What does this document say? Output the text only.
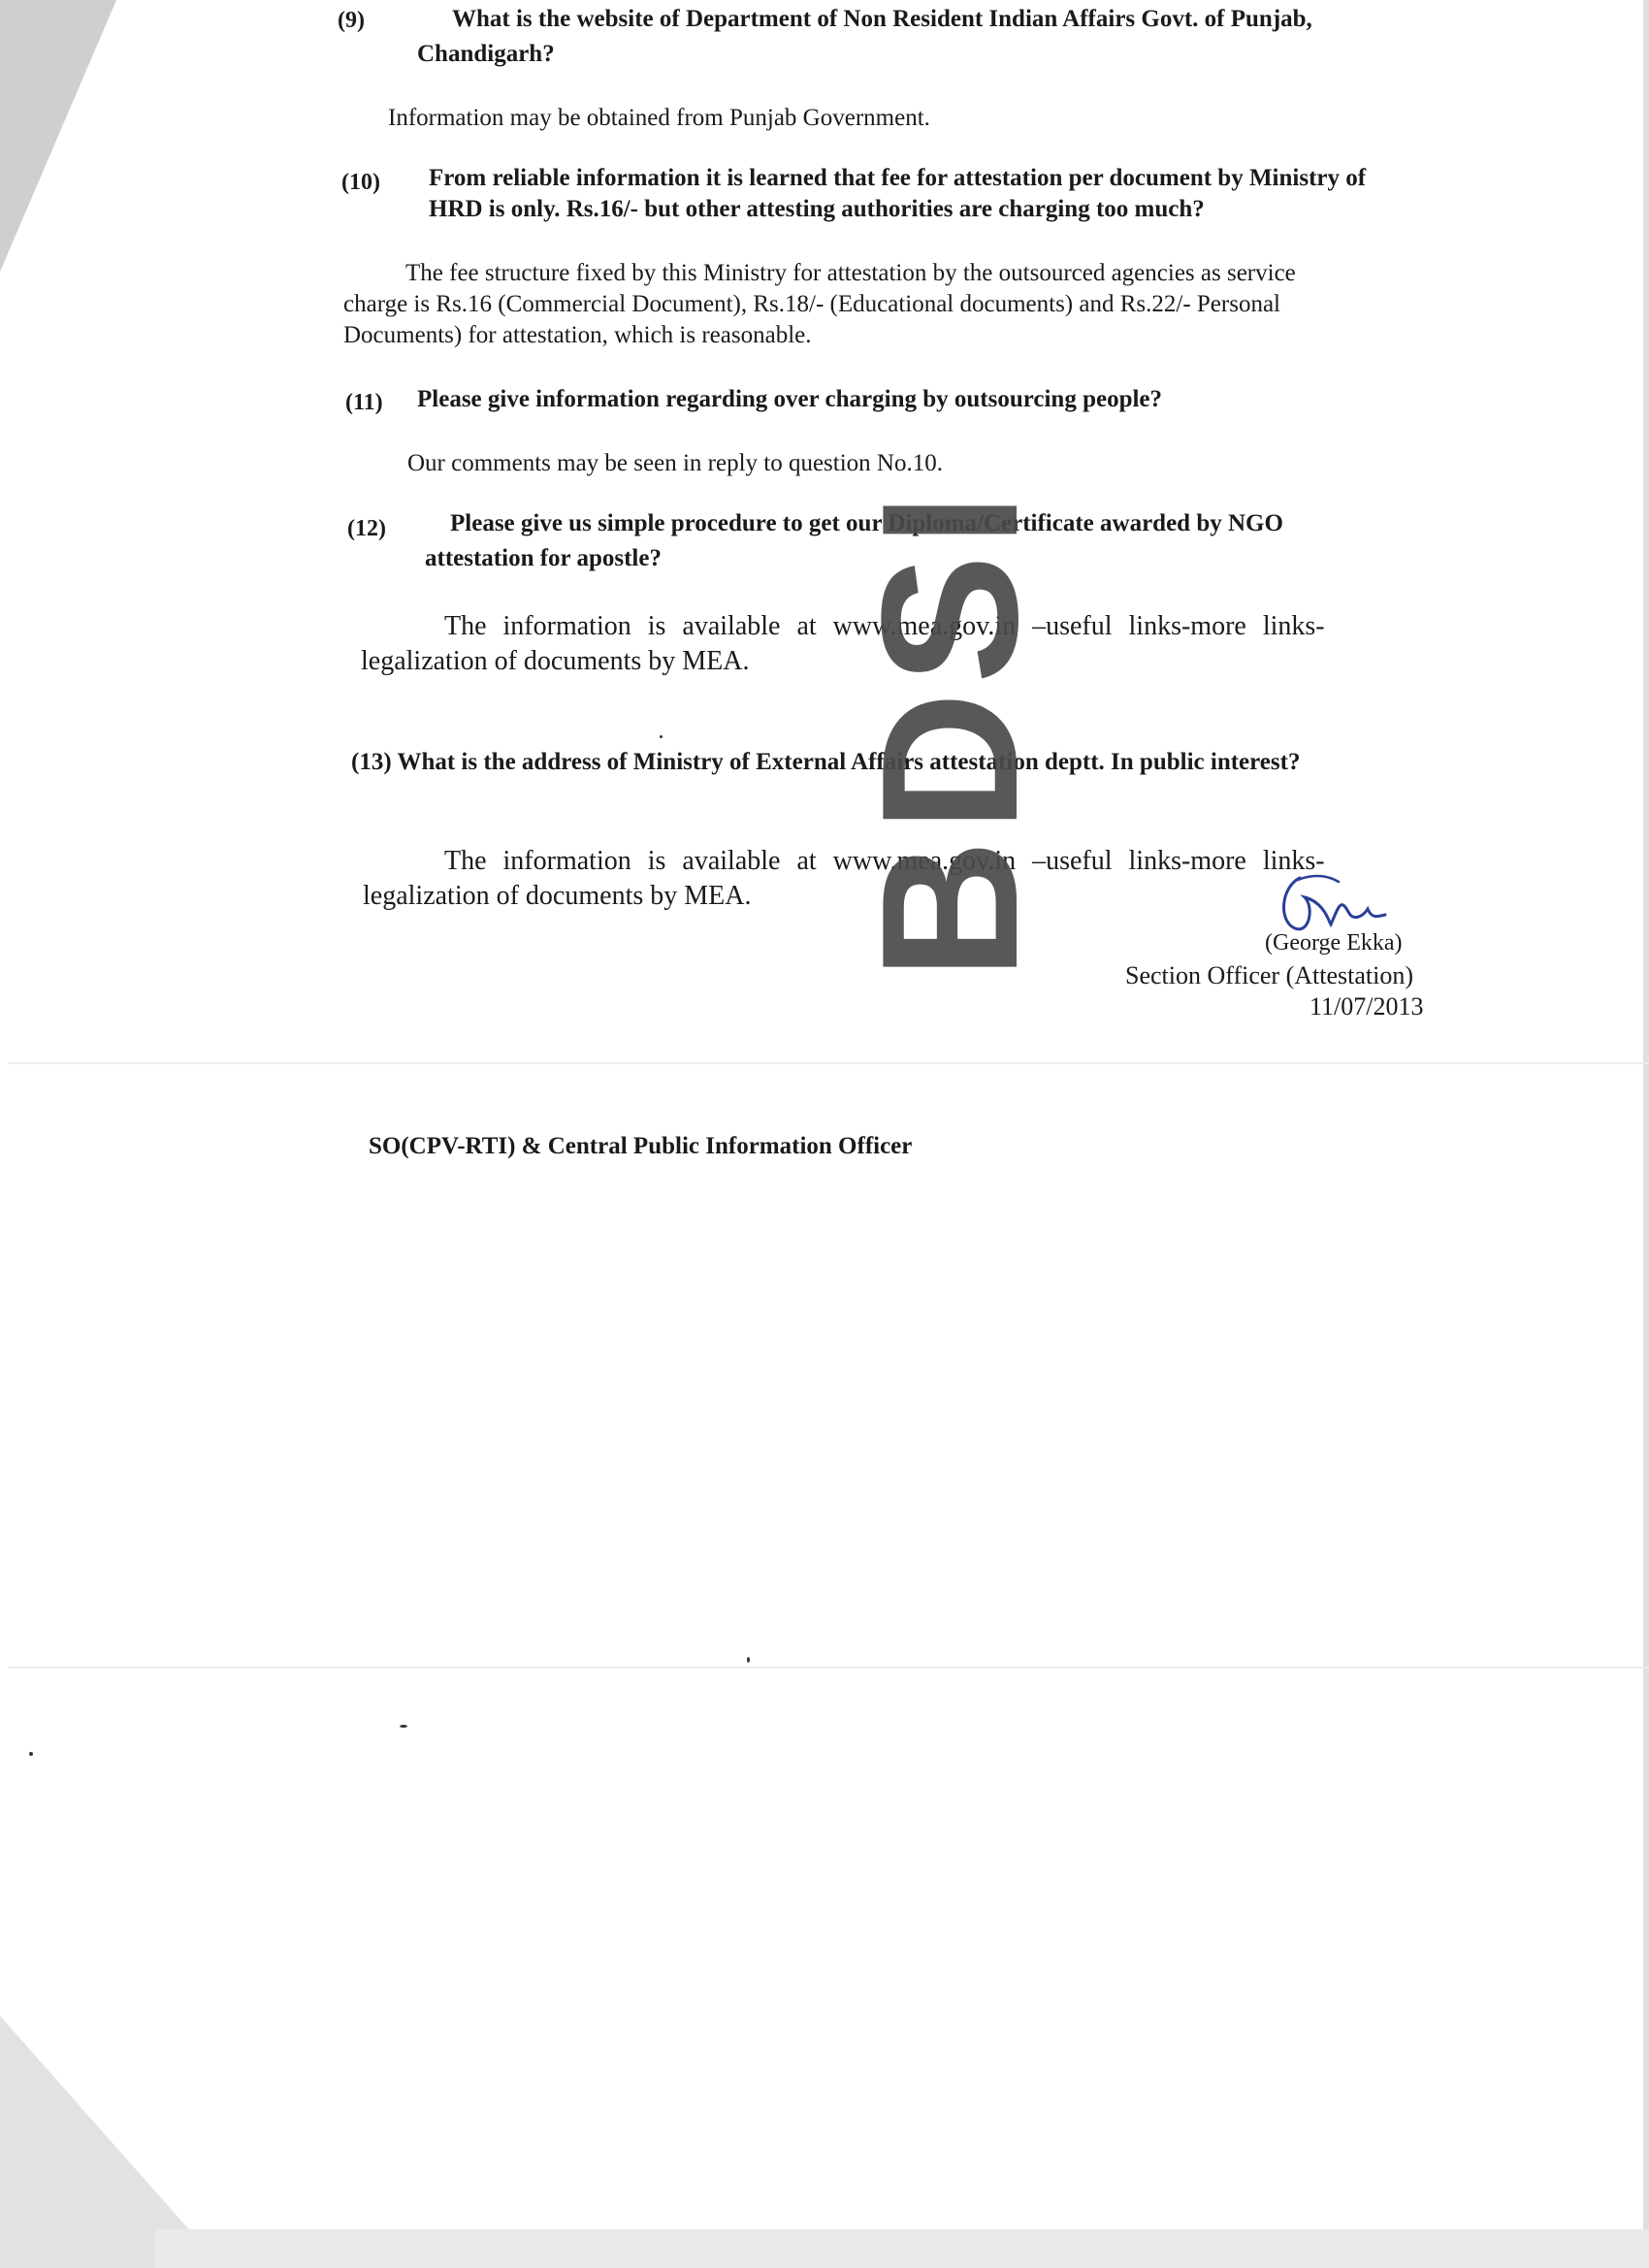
(9)	What is the website of Department of Non Resident Indian Affairs Govt. of Punjab,
Chandigarh?
Information may be obtained from Punjab Government.
(10) From reliable information it is learned that fee for attestation per document by Ministry of
HRD is only. Rs.16/- but other attesting authorities are charging too much?
The fee structure fixed by this Ministry for attestation by the outsourced agencies as service
charge is Rs.16 (Commercial Document), Rs.18/- (Educational documents) and Rs.22/- Personal
Documents) for attestation, which is reasonable.
(11) Please give information regarding over charging by outsourcing people?
Our comments may be seen in reply to question No.10.
(12)	Please give us simple procedure to get our Diploma/Certificate awarded by NGO
attestation for apostle?
The information is available at www.mea.gov.in –useful links-more links-
legalization of documents by MEA.
(13) What is the address of Ministry of External Affairs attestation deptt. In public interest?
The information is available at www.mea.gov.in –useful links-more links-
legalization of documents by MEA.
(George Ekka)
Section Officer (Attestation)
11/07/2013
SO(CPV-RTI) & Central Public Information Officer
BDSI
